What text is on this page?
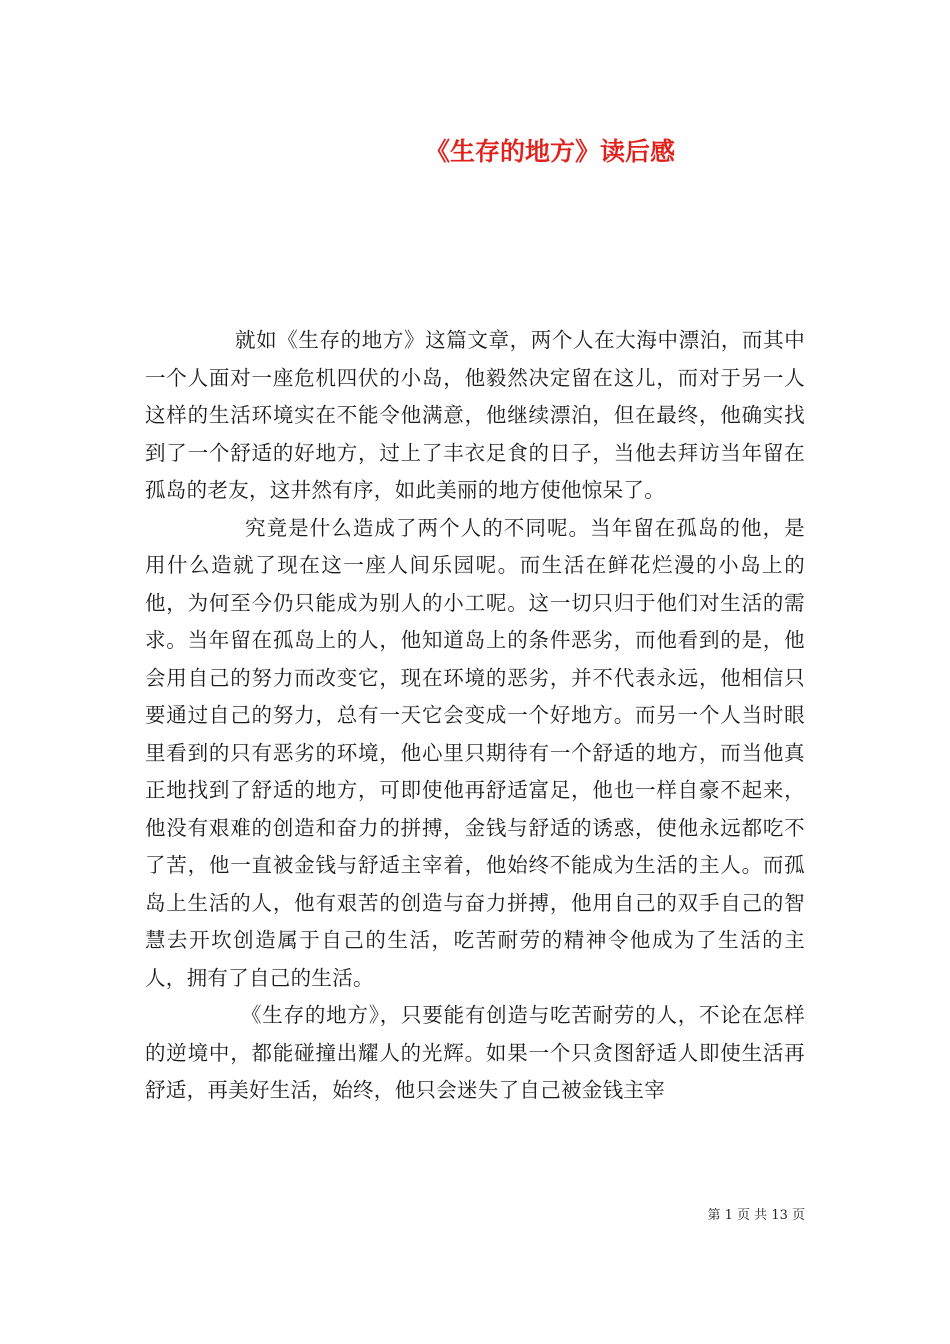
《生存的地方》读后感

就如《生存的地方》这篇文章，两个人在大海中漂泊，而其中一个人面对一座危机四伏的小岛，他毅然决定留在这儿，而对于另一人这样的生活环境实在不能令他满意，他继续漂泊，但在最终，他确实找到了一个舒适的好地方，过上了丰衣足食的日子，当他去拜访当年留在孤岛的老友，这井然有序，如此美丽的地方使他惊呆了。

究竟是什么造成了两个人的不同呢。当年留在孤岛的他，是用什么造就了现在这一座人间乐园呢。而生活在鲜花烂漫的小岛上的他，为何至今仍只能成为别人的小工呢。这一切只归于他们对生活的需求。当年留在孤岛上的人，他知道岛上的条件恶劣，而他看到的是，他会用自己的努力而改变它，现在环境的恶劣，并不代表永远，他相信只要通过自己的努力，总有一天它会变成一个好地方。而另一个人当时眼里看到的只有恶劣的环境，他心里只期待有一个舒适的地方，而当他真正地找到了舒适的地方，可即使他再舒适富足，他也一样自豪不起来，他没有艰难的创造和奋力的拼搏，金钱与舒适的诱惑，使他永远都吃不了苦，他一直被金钱与舒适主宰着，他始终不能成为生活的主人。而孤岛上生活的人，他有艰苦的创造与奋力拼搏，他用自己的双手自己的智慧去开坎创造属于自己的生活，吃苦耐劳的精神令他成为了生活的主人，拥有了自己的生活。

《生存的地方》，只要能有创造与吃苦耐劳的人，不论在怎样的逆境中，都能碰撞出耀人的光辉。如果一个只贪图舒适人即使生活再舒适，再美好生活，始终，他只会迷失了自己被金钱主宰

第 1 页 共 13 页
